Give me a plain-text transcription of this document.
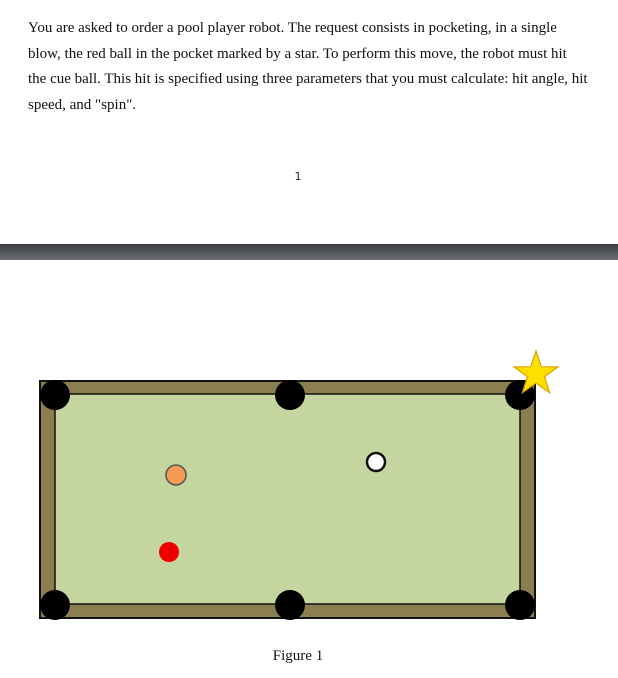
You are asked to order a pool player robot. The request consists in pocketing, in a single blow, the red ball in the pocket marked by a star. To perform this move, the robot must hit the cue ball. This hit is specified using three parameters that you must calculate: hit angle, hit speed, and "spin".

1
Figure 1
